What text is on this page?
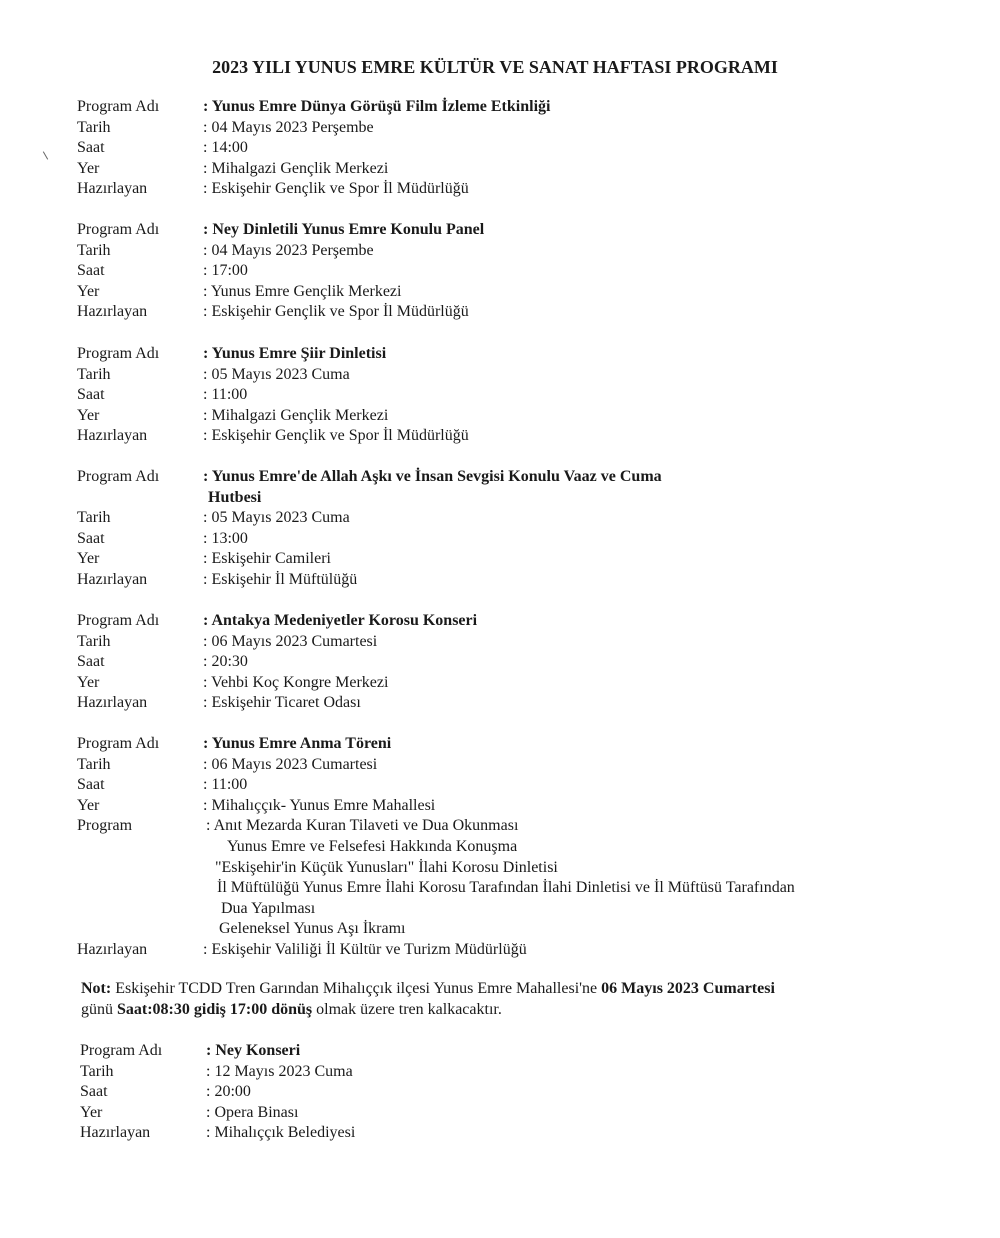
2023 YILI YUNUS EMRE KÜLTÜR VE SANAT HAFTASI PROGRAMI
Program Adı	: Yunus Emre Dünya Görüşü Film İzleme Etkinliği
Tarih	: 04 Mayıs 2023 Perşembe
Saat	: 14:00
Yer	: Mihalgazi Gençlik Merkezi
Hazırlayan	: Eskişehir Gençlik ve Spor İl Müdürlüğü
Program Adı	: Ney Dinletili Yunus Emre Konulu Panel
Tarih	: 04 Mayıs 2023 Perşembe
Saat	: 17:00
Yer	: Yunus Emre Gençlik Merkezi
Hazırlayan	: Eskişehir Gençlik ve Spor İl Müdürlüğü
Program Adı	: Yunus Emre Şiir Dinletisi
Tarih	: 05 Mayıs 2023 Cuma
Saat	: 11:00
Yer	: Mihalgazi Gençlik Merkezi
Hazırlayan	: Eskişehir Gençlik ve Spor İl Müdürlüğü
Program Adı	: Yunus Emre'de Allah Aşkı ve İnsan Sevgisi Konulu Vaaz ve Cuma
Hutbesi
Tarih	: 05 Mayıs 2023 Cuma
Saat	: 13:00
Yer	: Eskişehir Camileri
Hazırlayan	: Eskişehir İl Müftülüğü
Program Adı	: Antakya Medeniyetler Korosu Konseri
Tarih	: 06 Mayıs 2023 Cumartesi
Saat	: 20:30
Yer	: Vehbi Koç Kongre Merkezi
Hazırlayan	: Eskişehir Ticaret Odası
Program Adı	: Yunus Emre Anma Töreni
Tarih	: 06 Mayıs 2023 Cumartesi
Saat	: 11:00
Yer	: Mihalıççık- Yunus Emre Mahallesi
Program	: Anıt Mezarda Kuran Tilaveti ve Dua Okunması
Yunus Emre ve Felsefesi Hakkında Konuşma
"Eskişehir'in Küçük Yunusları" İlahi Korosu Dinletisi
İl Müftülüğü Yunus Emre İlahi Korosu Tarafından İlahi Dinletisi ve İl Müftüsü Tarafından
Dua Yapılması
Geleneksel Yunus Aşı İkramı
Hazırlayan	: Eskişehir Valiliği İl Kültür ve Turizm Müdürlüğü
Not: Eskişehir TCDD Tren Garından Mihalıççık ilçesi Yunus Emre Mahallesi'ne 06 Mayıs 2023 Cumartesi
günü Saat:08:30 gidiş 17:00 dönüş olmak üzere tren kalkacaktır.
Program Adı	: Ney Konseri
Tarih	: 12 Mayıs 2023 Cuma
Saat	: 20:00
Yer	: Opera Binası
Hazırlayan	: Mihalıççık Belediyesi
